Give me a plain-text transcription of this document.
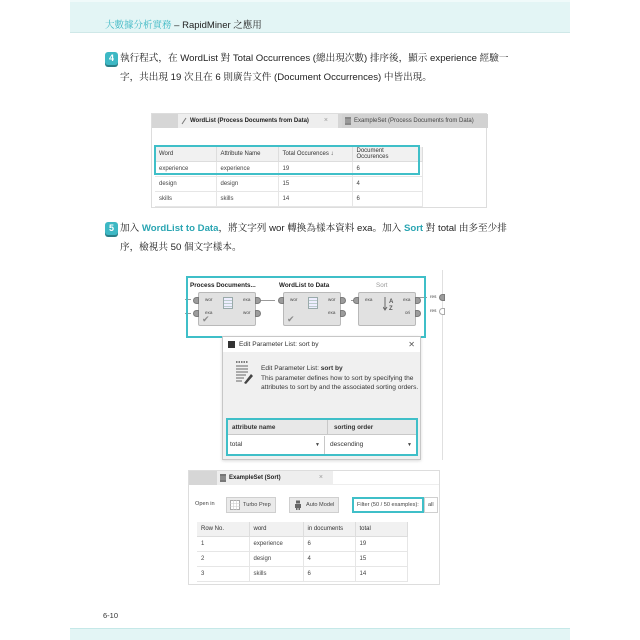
大數據分析實務 – RapidMiner 之應用
4 執行程式，在 WordList 對 Total Occurrences (總出現次數) 排序後，顯示 experience 經驗一字，共出現 19 次且在 6 則廣告文件 (Document Occurrences) 中皆出現。
WordList (Process Documents from Data) ×	ExampleSet (Process Documents from Data)
Word	Attribute Name	Total Occurences ↓	Document Occurences
experience	experience	19	6
design	design	15	4
skills	skills	14	6
5 加入 WordList to Data，將文字列 wor 轉換為樣本資料 exa。加入 Sort 對 total 由多至少排序，檢視共 50 個文字樣本。
Process Documents...
wor
exa
exa
wor
✔
WordList to Data
wor	wor
exa
✔
Sort
exa	A
Z
exa
ori
res
res
Edit Parameter List: sort by	✕
Edit Parameter List: sort by
This parameter defines how to sort by specifying the attributes to sort by and the associated sorting orders.
attribute name	sorting order
total	▼	descending	▼
ExampleSet (Sort)	×
Open in	Turbo Prep	Auto Model	Filter (50 / 50 examples):	all
Row No.	word	in documents	total
1	experience	6	19
2	design	4	15
3	skills	6	14
6-10
